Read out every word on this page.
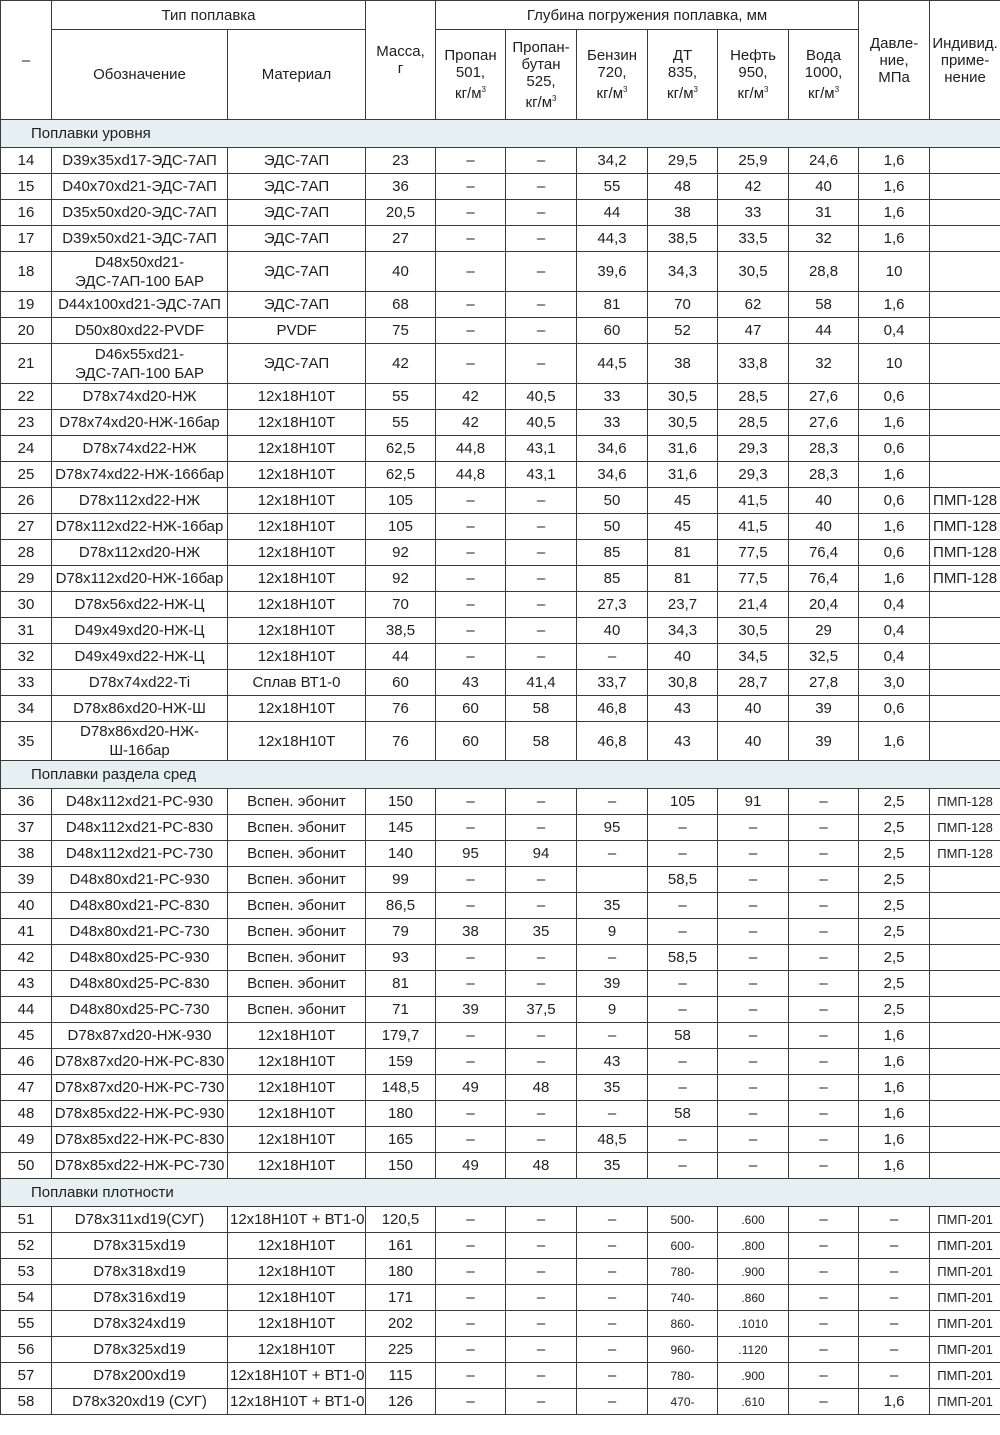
–	Тип поплавка		Масса,
г	Глубина погружения поплавка, мм						Давле-
ние,
МПа	Индивид.
приме-
нение
	Обозначение	Материал		Пропан
501,
$кг/м^3$	Пропан-
бутан
525,
$кг/м^3$	Бензин
720,
$кг/м^3$	ДТ
835,
$кг/м^3$	Нефть
950,
$кг/м^3$	Вода
1000,
$кг/м^3$
Поплавки уровня											
14	D39x35xd17-ЭДС-7АП	ЭДС-7АП	23	–	–	34,2	29,5	25,9	24,6	1,6	
15	D40x70xd21-ЭДС-7АП	ЭДС-7АП	36	–	–	55	48	42	40	1,6	
16	D35x50xd20-ЭДС-7АП	ЭДС-7АП	20,5	–	–	44	38	33	31	1,6	
17	D39x50xd21-ЭДС-7АП	ЭДС-7АП	27	–	–	44,3	38,5	33,5	32	1,6	
18	D48x50xd21-ЭДС-7АП-100 БАР	ЭДС-7АП	40	–	–	39,6	34,3	30,5	28,8	10	
19	D44x100xd21-ЭДС-7АП	ЭДС-7АП	68	–	–	81	70	62	58	1,6	
20	D50x80xd22-PVDF	PVDF	75	–	–	60	52	47	44	0,4	
21	D46x55xd21-ЭДС-7АП-100 БАР	ЭДС-7АП	42	–	–	44,5	38	33,8	32	10	
22	D78x74xd20-НЖ	12х18Н10Т	55	42	40,5	33	30,5	28,5	27,6	0,6	
23	D78x74xd20-НЖ-16бар	12х18Н10Т	55	42	40,5	33	30,5	28,5	27,6	1,6	
24	D78x74xd22-НЖ	12х18Н10Т	62,5	44,8	43,1	34,6	31,6	29,3	28,3	0,6	
25	D78x74xd22-НЖ-166бар	12х18Н10Т	62,5	44,8	43,1	34,6	31,6	29,3	28,3	1,6	
26	D78x112xd22-НЖ	12х18Н10Т	105	–	–	50	45	41,5	40	0,6	ПМП-128
27	D78x112xd22-НЖ-16бар	12х18Н10Т	105	–	–	50	45	41,5	40	1,6	ПМП-128
28	D78x112xd20-НЖ	12х18Н10Т	92	–	–	85	81	77,5	76,4	0,6	ПМП-128
29	D78x112xd20-НЖ-16бар	12х18Н10Т	92	–	–	85	81	77,5	76,4	1,6	ПМП-128
30	D78x56xd22-НЖ-Ц	12х18Н10Т	70	–	–	27,3	23,7	21,4	20,4	0,4	
31	D49x49xd20-НЖ-Ц	12х18Н10Т	38,5	–	–	40	34,3	30,5	29	0,4	
32	D49x49xd22-НЖ-Ц	12х18Н10Т	44	–	–	–	40	34,5	32,5	0,4	
33	D78x74xd22-Ti	Сплав ВТ1-0	60	43	41,4	33,7	30,8	28,7	27,8	3,0	
34	D78x86xd20-НЖ-Ш	12х18Н10Т	76	60	58	46,8	43	40	39	0,6	
35	D78x86xd20-НЖ-Ш-16бар	12х18Н10Т	76	60	58	46,8	43	40	39	1,6	
Поплавки раздела сред											
36	D48x112xd21-РС-930	Вспен. эбонит	150	–	–	–	105	91	–	2,5	ПМП-128
37	D48x112xd21-РС-830	Вспен. эбонит	145	–	–	95	–	–	–	2,5	ПМП-128
38	D48x112xd21-РС-730	Вспен. эбонит	140	95	94	–	–	–	–	2,5	ПМП-128
39	D48x80xd21-РС-930	Вспен. эбонит	99	–	–		58,5	–	–	2,5	
40	D48x80xd21-РС-830	Вспен. эбонит	86,5	–	–	35	–	–	–	2,5	
41	D48x80xd21-РС-730	Вспен. эбонит	79	38	35	9	–	–	–	2,5	
42	D48x80xd25-РС-930	Вспен. эбонит	93	–	–	–	58,5	–	–	2,5	
43	D48x80xd25-РС-830	Вспен. эбонит	81	–	–	39	–	–	–	2,5	
44	D48x80xd25-РС-730	Вспен. эбонит	71	39	37,5	9	–	–	–	2,5	
45	D78x87xd20-НЖ-930	12х18Н10Т	179,7	–	–	–	58	–	–	1,6	
46	D78x87xd20-НЖ-РС-830	12х18Н10Т	159	–	–	43	–	–	–	1,6	
47	D78x87xd20-НЖ-РС-730	12х18Н10Т	148,5	49	48	35	–	–	–	1,6	
48	D78x85xd22-НЖ-РС-930	12х18Н10Т	180	–	–	–	58	–	–	1,6	
49	D78x85xd22-НЖ-РС-830	12х18Н10Т	165	–	–	48,5	–	–	–	1,6	
50	D78x85xd22-НЖ-РС-730	12х18Н10Т	150	49	48	35	–	–	–	1,6	
Поплавки плотности											
51	D78x311xd19(СУГ)	12х18Н10Т + ВТ1-0	120,5	–	–	–	500-	.600	–	–	ПМП-201
52	D78x315xd19	12х18Н10Т	161	–	–	–	600-	.800	–	–	ПМП-201
53	D78x318xd19	12х18Н10Т	180	–	–	–	780-	.900	–	–	ПМП-201
54	D78x316xd19	12х18Н10Т	171	–	–	–	740-	.860	–	–	ПМП-201
55	D78x324xd19	12х18Н10Т	202	–	–	–	860-	.1010	–	–	ПМП-201
56	D78x325xd19	12х18Н10Т	225	–	–	–	960-	.1120	–	–	ПМП-201
57	D78x200xd19	12х18Н10Т + ВТ1-0	115	–	–	–	780-	.900	–	–	ПМП-201
58	D78x320xd19 (СУГ)	12х18Н10Т + ВТ1-0	126	–	–	–	470-	.610	–	1,6	ПМП-201
